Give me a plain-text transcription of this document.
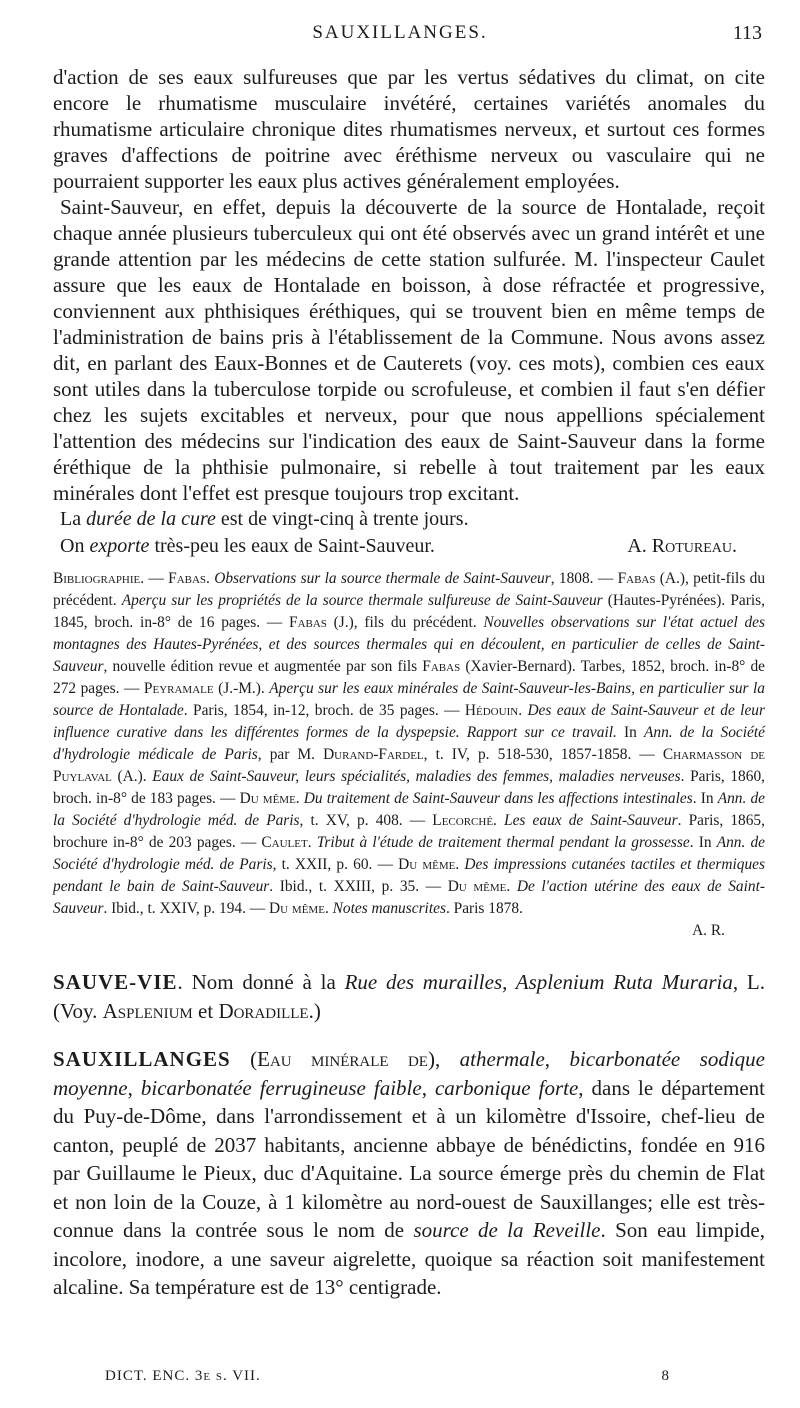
SAUXILLANGES.	113
d'action de ses eaux sulfureuses que par les vertus sédatives du climat, on cite encore le rhumatisme musculaire invétéré, certaines variétés anomales du rhumatisme articulaire chronique dites rhumatismes nerveux, et surtout ces formes graves d'affections de poitrine avec éréthisme nerveux ou vasculaire qui ne pourraient supporter les eaux plus actives généralement employées.
Saint-Sauveur, en effet, depuis la découverte de la source de Hontalade, reçoit chaque année plusieurs tuberculeux qui ont été observés avec un grand intérêt et une grande attention par les médecins de cette station sulfurée. M. l'inspecteur Caulet assure que les eaux de Hontalade en boisson, à dose réfractée et progressive, conviennent aux phthisiques éréthiques, qui se trouvent bien en même temps de l'administration de bains pris à l'établissement de la Commune. Nous avons assez dit, en parlant des Eaux-Bonnes et de Cauterets (voy. ces mots), combien ces eaux sont utiles dans la tuberculose torpide ou scrofuleuse, et combien il faut s'en défier chez les sujets excitables et nerveux, pour que nous appellions spécialement l'attention des médecins sur l'indication des eaux de Saint-Sauveur dans la forme éréthique de la phthisie pulmonaire, si rebelle à tout traitement par les eaux minérales dont l'effet est presque toujours trop excitant.
La durée de la cure est de vingt-cinq à trente jours.
On exporte très-peu les eaux de Saint-Sauveur.	A. Rotureau.
Bibliographie. — Fabas. Observations sur la source thermale de Saint-Sauveur, 1808. — Fabas (A.), petit-fils du précédent. Aperçu sur les propriétés de la source thermale sulfureuse de Saint-Sauveur (Hautes-Pyrénées). Paris, 1845, broch. in-8° de 16 pages. — Fabas (J.), fils du précédent. Nouvelles observations sur l'état actuel des montagnes des Hautes-Pyrénées, et des sources thermales qui en découlent, en particulier de celles de Saint-Sauveur, nouvelle édition revue et augmentée par son fils Fabas (Xavier-Bernard). Tarbes, 1852, broch. in-8° de 272 pages. — Peyramale (J.-M.). Aperçu sur les eaux minérales de Saint-Sauveur-les-Bains, en particulier sur la source de Hontalade. Paris, 1854, in-12, broch. de 35 pages. — Hédouin. Des eaux de Saint-Sauveur et de leur influence curative dans les différentes formes de la dyspepsie. Rapport sur ce travail. In Ann. de la Société d'hydrologie médicale de Paris, par M. Durand-Fardel, t. IV, p. 518-530, 1857-1858. — Charmasson de Puylaval (A.). Eaux de Saint-Sauveur, leurs spécialités, maladies des femmes, maladies nerveuses. Paris, 1860, broch. in-8° de 183 pages. — Du même. Du traitement de Saint-Sauveur dans les affections intestinales. In Ann. de la Société d'hydrologie méd. de Paris, t. XV, p. 408. — Lecorché. Les eaux de Saint-Sauveur. Paris, 1865, brochure in-8° de 203 pages. — Caulet. Tribut à l'étude de traitement thermal pendant la grossesse. In Ann. de Société d'hydrologie méd. de Paris, t. XXII, p. 60. — Du même. Des impressions cutanées tactiles et thermiques pendant le bain de Saint-Sauveur. Ibid., t. XXIII, p. 35. — Du même. De l'action utérine des eaux de Saint-Sauveur. Ibid., t. XXIV, p. 194. — Du même. Notes manuscrites. Paris 1878.
A. R.
SAUVE-VIE. Nom donné à la Rue des murailles, Asplenium Ruta Muraria, L. (Voy. Asplenium et Doradille.)
SAUXILLANGES (Eau minérale de), athermale, bicarbonatée sodique moyenne, bicarbonatée ferrugineuse faible, carbonique forte, dans le département du Puy-de-Dôme, dans l'arrondissement et à un kilomètre d'Issoire, chef-lieu de canton, peuplé de 2037 habitants, ancienne abbaye de bénédictins, fondée en 916 par Guillaume le Pieux, duc d'Aquitaine. La source émerge près du chemin de Flat et non loin de la Couze, à 1 kilomètre au nord-ouest de Sauxillanges; elle est très-connue dans la contrée sous le nom de source de la Reveille. Son eau limpide, incolore, inodore, a une saveur aigrelette, quoique sa réaction soit manifestement alcaline. Sa température est de 13° centigrade.
DICT. ENC. 3e s. VII.	8
